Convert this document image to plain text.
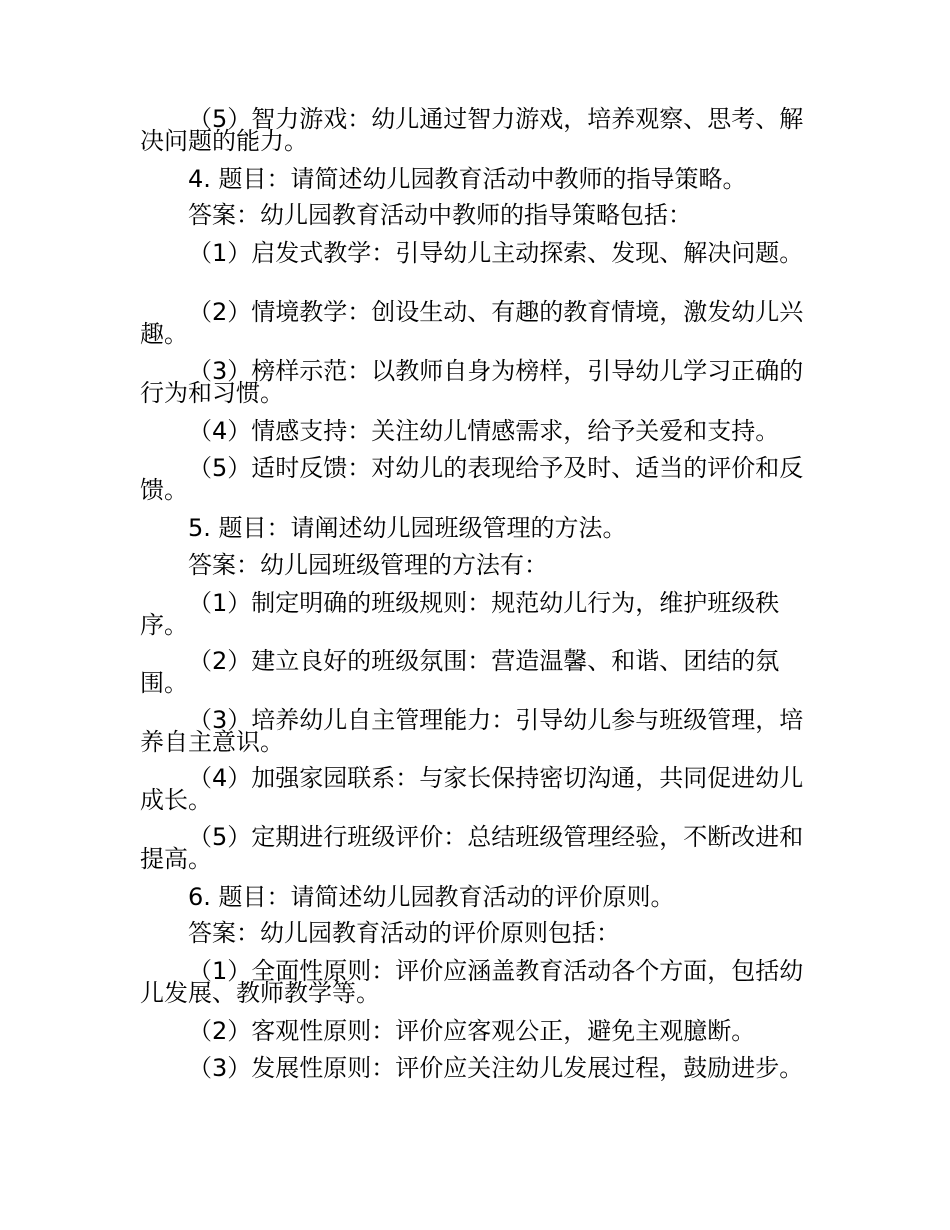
（5）智力游戏：幼儿通过智力游戏，培养观察、思考、解决问题的能力。

4. 题目：请简述幼儿园教育活动中教师的指导策略。

答案：幼儿园教育活动中教师的指导策略包括：

（1）启发式教学：引导幼儿主动探索、发现、解决问题。

（2）情境教学：创设生动、有趣的教育情境，激发幼儿兴趣。

（3）榜样示范：以教师自身为榜样，引导幼儿学习正确的行为和习惯。

（4）情感支持：关注幼儿情感需求，给予关爱和支持。

（5）适时反馈：对幼儿的表现给予及时、适当的评价和反馈。

5. 题目：请阐述幼儿园班级管理的方法。

答案：幼儿园班级管理的方法有：

（1）制定明确的班级规则：规范幼儿行为，维护班级秩序。

（2）建立良好的班级氛围：营造温馨、和谐、团结的氛围。

（3）培养幼儿自主管理能力：引导幼儿参与班级管理，培养自主意识。

（4）加强家园联系：与家长保持密切沟通，共同促进幼儿成长。

（5）定期进行班级评价：总结班级管理经验，不断改进和提高。

6. 题目：请简述幼儿园教育活动的评价原则。

答案：幼儿园教育活动的评价原则包括：

（1）全面性原则：评价应涵盖教育活动各个方面，包括幼儿发展、教师教学等。

（2）客观性原则：评价应客观公正，避免主观臆断。

（3）发展性原则：评价应关注幼儿发展过程，鼓励进步。
